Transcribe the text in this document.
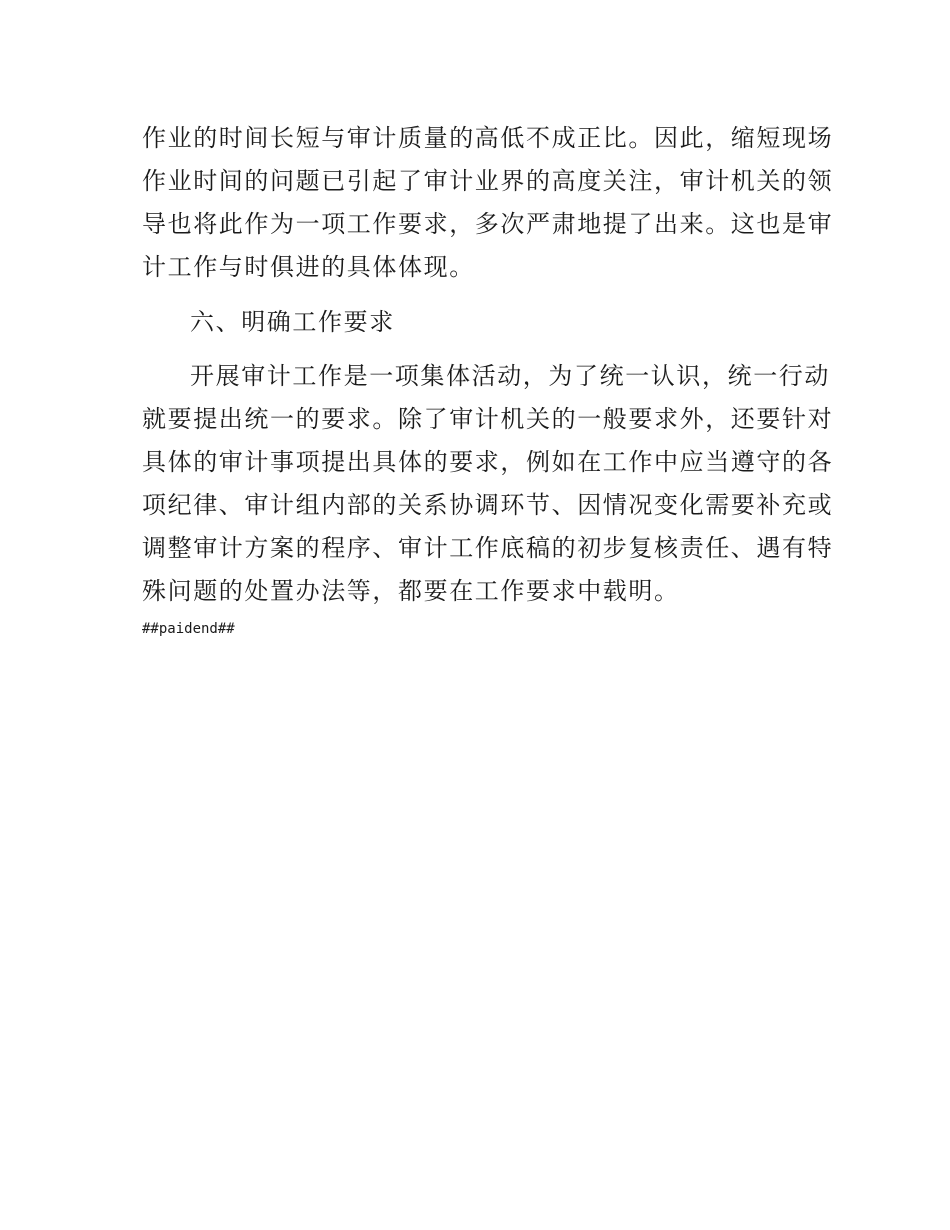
作业的时间长短与审计质量的高低不成正比。因此，缩短现场
作业时间的问题已引起了审计业界的高度关注，审计机关的领
导也将此作为一项工作要求，多次严肃地提了出来。这也是审
计工作与时俱进的具体体现。
六、明确工作要求
开展审计工作是一项集体活动，为了统一认识，统一行动
就要提出统一的要求。除了审计机关的一般要求外，还要针对
具体的审计事项提出具体的要求，例如在工作中应当遵守的各
项纪律、审计组内部的关系协调环节、因情况变化需要补充或
调整审计方案的程序、审计工作底稿的初步复核责任、遇有特
殊问题的处置办法等，都要在工作要求中载明。
##paidend##
